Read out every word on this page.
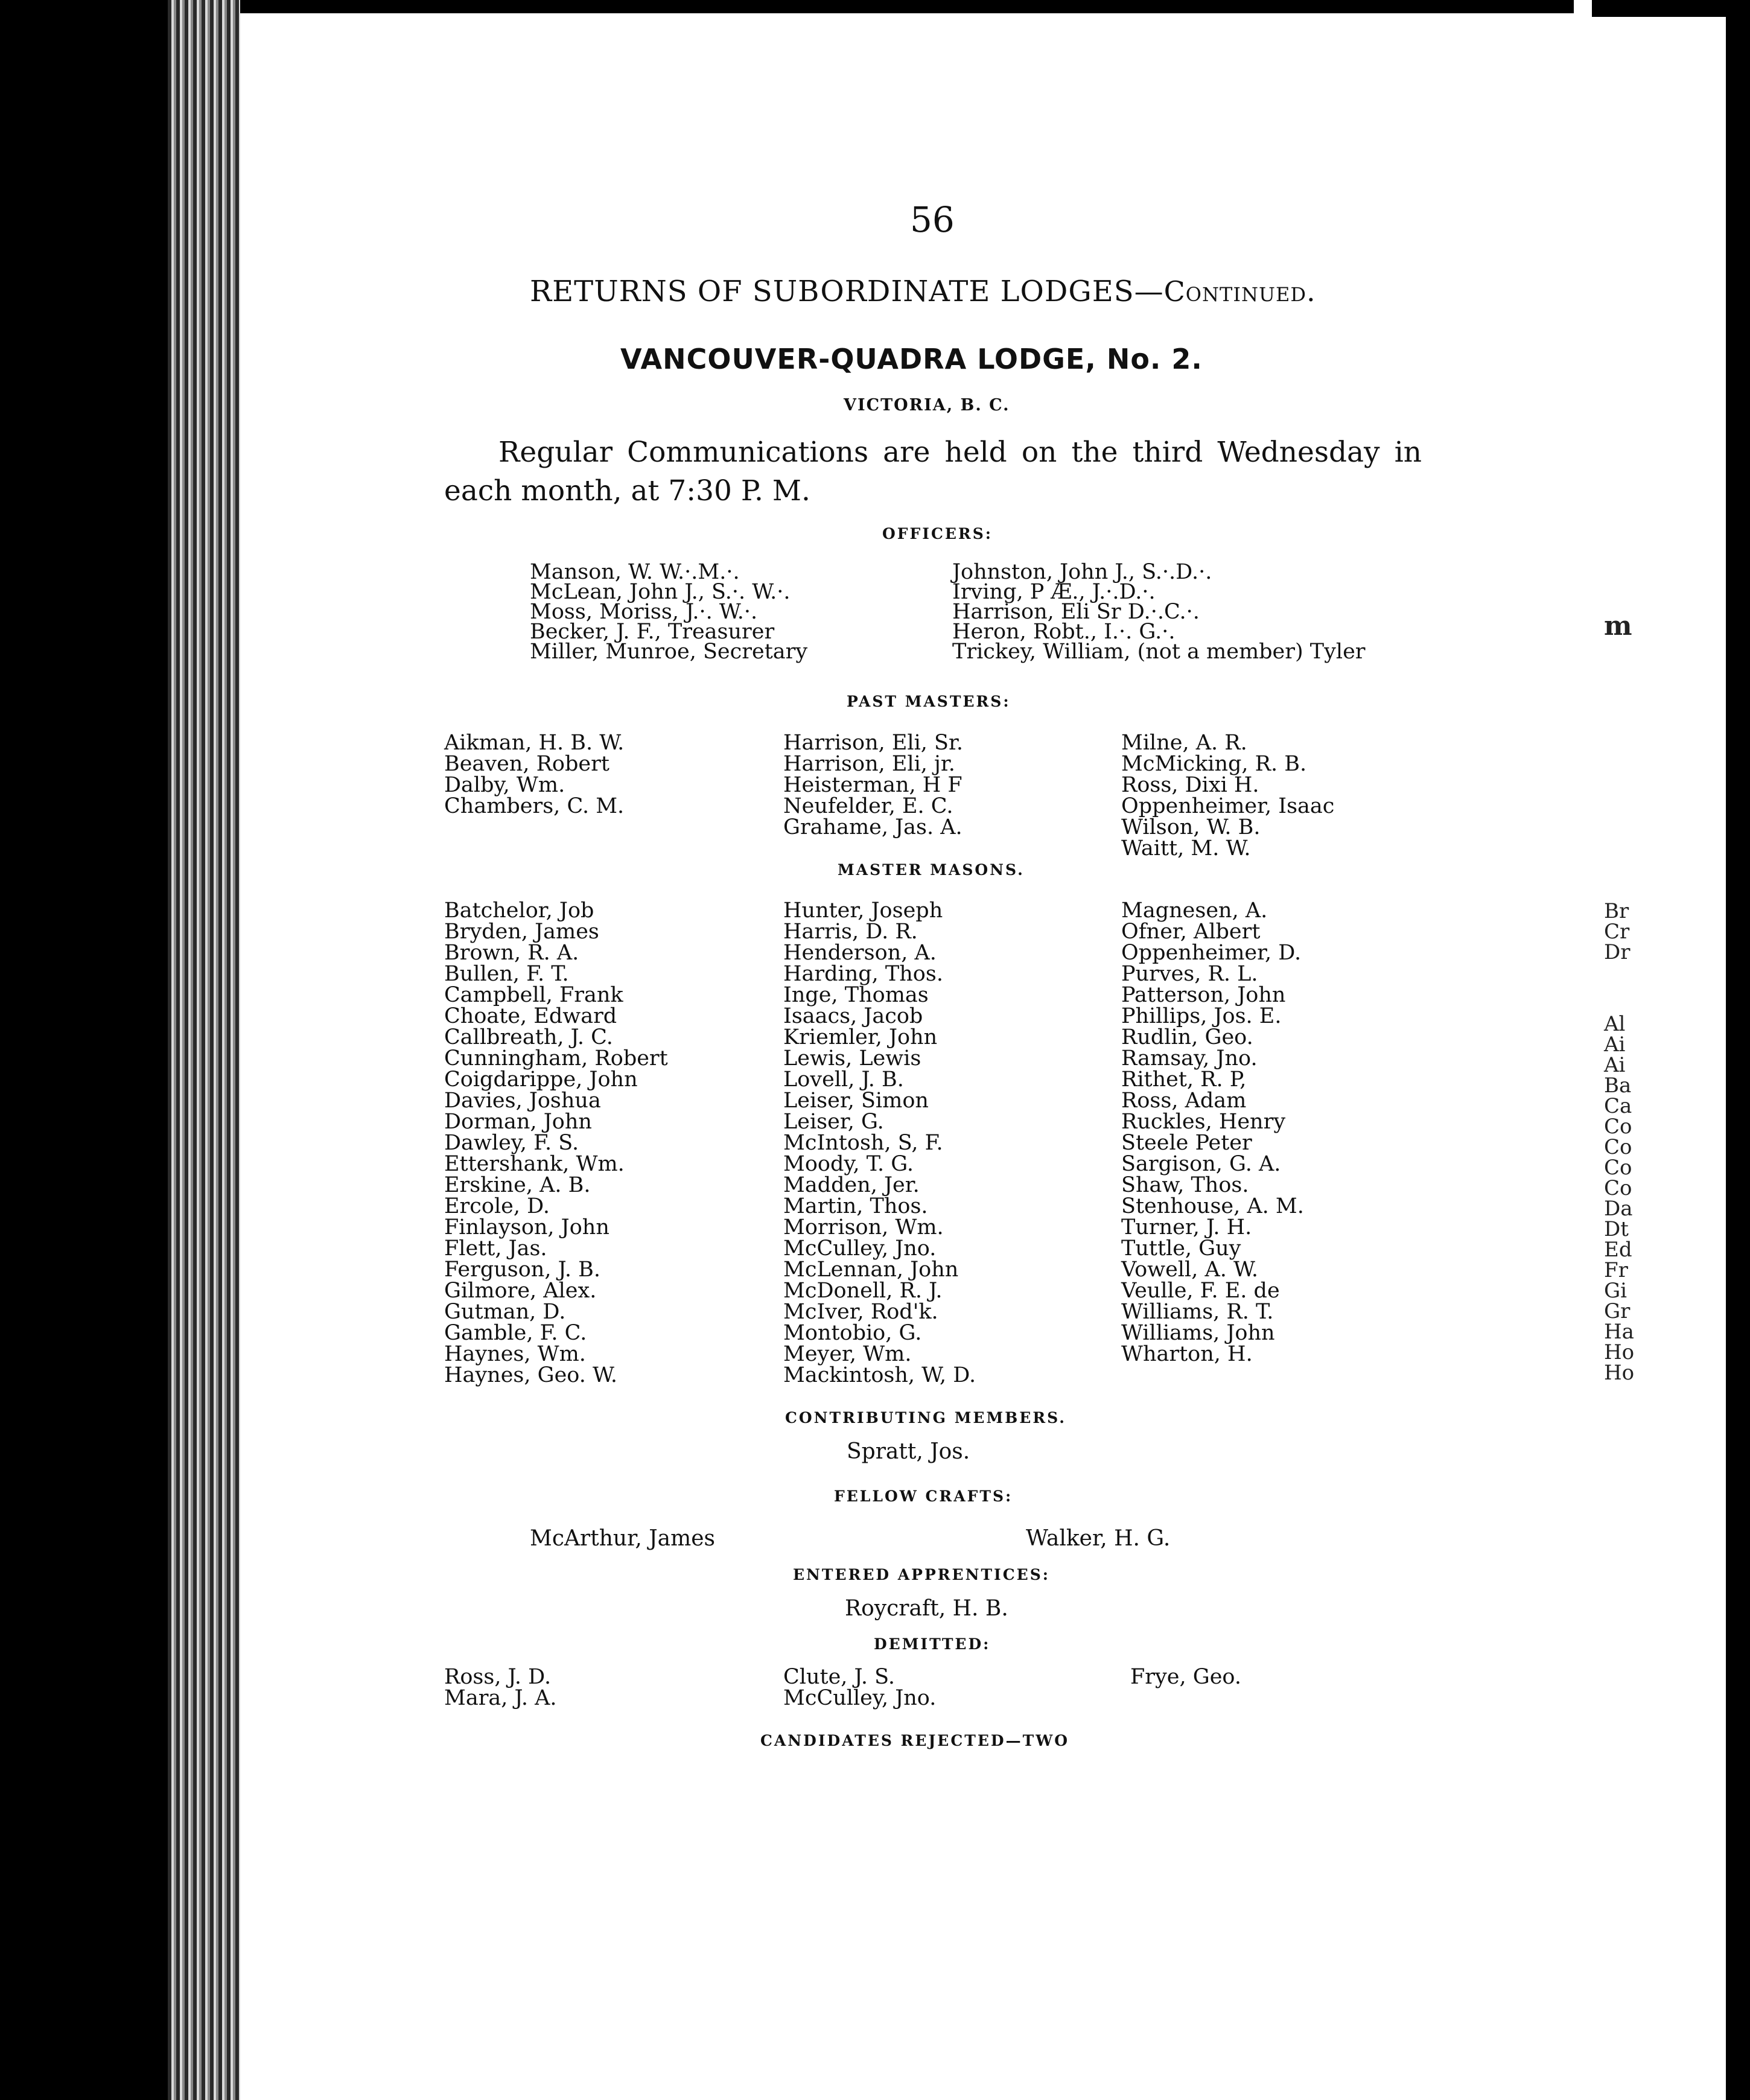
56
RETURNS OF SUBORDINATE LODGES—Continued.
VANCOUVER-QUADRA LODGE, No. 2.
VICTORIA, B. C.
Regular Communications are held on the third Wednesday in each month, at 7:30 P. M.
OFFICERS:
Manson, W. W.·.M.·.
McLean, John J., S.·. W.·.
Moss, Moriss, J.·. W.·.
Becker, J. F., Treasurer
Miller, Munroe, Secretary
Johnston, John J., S.·.D.·.
Irving, P Æ., J.·.D.·.
Harrison, Eli Sr D.·.C.·.
Heron, Robt., I.·. G.·.
Trickey, William, (not a member) Tyler
PAST MASTERS:
Aikman, H. B. W.
Beaven, Robert
Dalby, Wm.
Chambers, C. M.
Harrison, Eli, Sr.
Harrison, Eli, jr.
Heisterman, H F
Neufelder, E. C.
Grahame, Jas. A.
Milne, A. R.
McMicking, R. B.
Ross, Dixi H.
Oppenheimer, Isaac
Wilson, W. B.
Waitt, M. W.
MASTER MASONS.
Batchelor, Job
Bryden, James
Brown, R. A.
Bullen, F. T.
Campbell, Frank
Choate, Edward
Callbreath, J. C.
Cunningham, Robert
Coigdarippe, John
Davies, Joshua
Dorman, John
Dawley, F. S.
Ettershank, Wm.
Erskine, A. B.
Ercole, D.
Finlayson, John
Flett, Jas.
Ferguson, J. B.
Gilmore, Alex.
Gutman, D.
Gamble, F. C.
Haynes, Wm.
Haynes, Geo. W.
Hunter, Joseph
Harris, D. R.
Henderson, A.
Harding, Thos.
Inge, Thomas
Isaacs, Jacob
Kriemler, John
Lewis, Lewis
Lovell, J. B.
Leiser, Simon
Leiser, G.
McIntosh, S, F.
Moody, T. G.
Madden, Jer.
Martin, Thos.
Morrison, Wm.
McCulley, Jno.
McLennan, John
McDonell, R. J.
McIver, Rod'k.
Montobio, G.
Meyer, Wm.
Mackintosh, W, D.
Magnesen, A.
Ofner, Albert
Oppenheimer, D.
Purves, R. L.
Patterson, John
Phillips, Jos. E.
Rudlin, Geo.
Ramsay, Jno.
Rithet, R. P,
Ross, Adam
Ruckles, Henry
Steele Peter
Sargison, G. A.
Shaw, Thos.
Stenhouse, A. M.
Turner, J. H.
Tuttle, Guy
Vowell, A. W.
Veulle, F. E. de
Williams, R. T.
Williams, John
Wharton, H.
CONTRIBUTING MEMBERS.
Spratt, Jos.
FELLOW CRAFTS:
McArthur, James	Walker, H. G.
ENTERED APPRENTICES:
Roycraft, H. B.
DEMITTED:
Ross, J. D.
Mara, J. A.
Clute, J. S.
McCulley, Jno.
Frye, Geo.
CANDIDATES REJECTED—TWO
m
Br
Cr
Dr
Al
Ai
Ai
Ba
Ca
Co
Co
Co
Co
Da
Dt
Ed
Fr
Gi
Gr
Ha
Ho
Ho
